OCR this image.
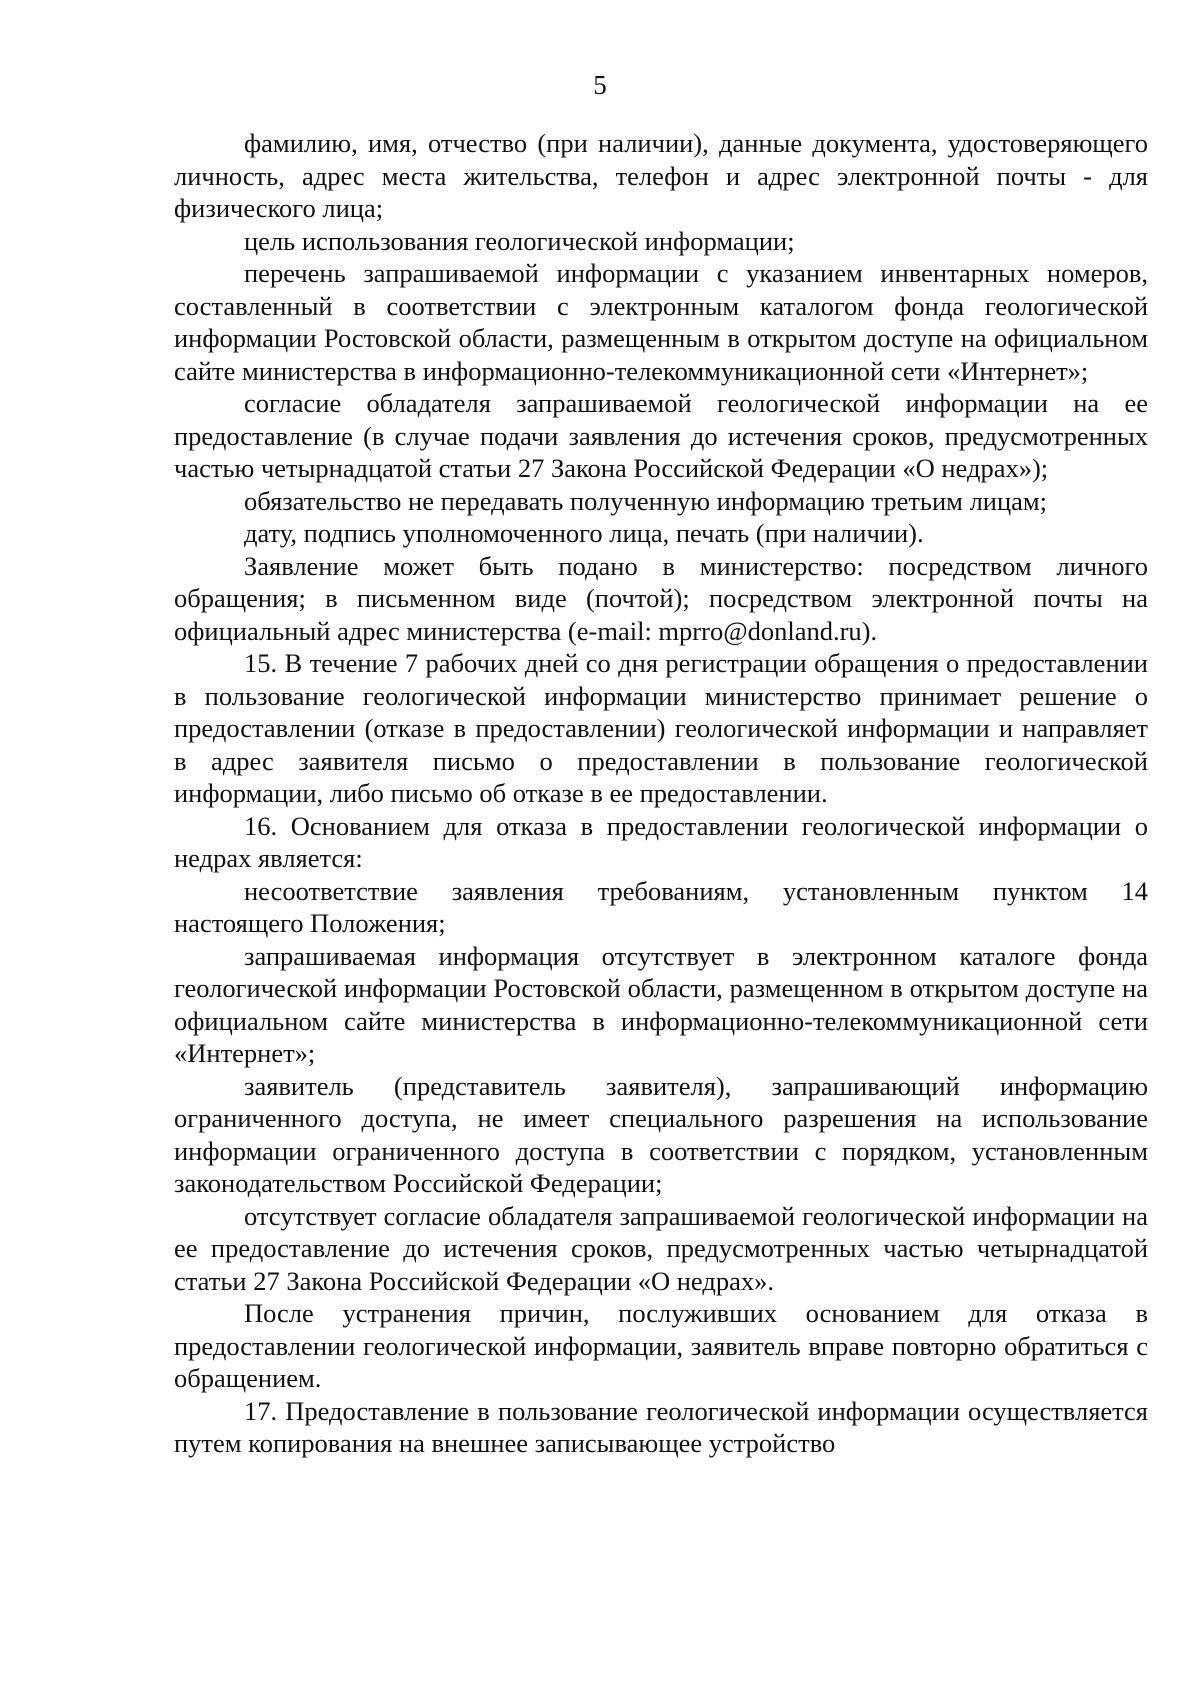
5

фамилию, имя, отчество (при наличии), данные документа, удостоверяющего личность, адрес места жительства, телефон и адрес электронной почты - для физического лица;

цель использования геологической информации;

перечень запрашиваемой информации с указанием инвентарных номеров, составленный в соответствии с электронным каталогом фонда геологической информации Ростовской области, размещенным в открытом доступе на официальном сайте министерства в информационно-телекоммуникационной сети «Интернет»;

согласие обладателя запрашиваемой геологической информации на ее предоставление (в случае подачи заявления до истечения сроков, предусмотренных частью четырнадцатой статьи 27 Закона Российской Федерации «О недрах»);

обязательство не передавать полученную информацию третьим лицам;

дату, подпись уполномоченного лица, печать (при наличии).

Заявление может быть подано в министерство: посредством личного обращения; в письменном виде (почтой); посредством электронной почты на официальный адрес министерства (e-mail: mprro@donland.ru).

15. В течение 7 рабочих дней со дня регистрации обращения о предоставлении в пользование геологической информации министерство принимает решение о предоставлении (отказе в предоставлении) геологической информации и направляет в адрес заявителя письмо о предоставлении в пользование геологической информации, либо письмо об отказе в ее предоставлении.

16. Основанием для отказа в предоставлении геологической информации о недрах является:

несоответствие заявления требованиям, установленным пунктом 14 настоящего Положения;

запрашиваемая информация отсутствует в электронном каталоге фонда геологической информации Ростовской области, размещенном в открытом доступе на официальном сайте министерства в информационно-телекоммуникационной сети «Интернет»;

заявитель (представитель заявителя), запрашивающий информацию ограниченного доступа, не имеет специального разрешения на использование информации ограниченного доступа в соответствии с порядком, установленным законодательством Российской Федерации;

отсутствует согласие обладателя запрашиваемой геологической информации на ее предоставление до истечения сроков, предусмотренных частью четырнадцатой статьи 27 Закона Российской Федерации «О недрах».

После устранения причин, послуживших основанием для отказа в предоставлении геологической информации, заявитель вправе повторно обратиться с обращением.

17. Предоставление в пользование геологической информации осуществляется путем копирования на внешнее записывающее устройство
